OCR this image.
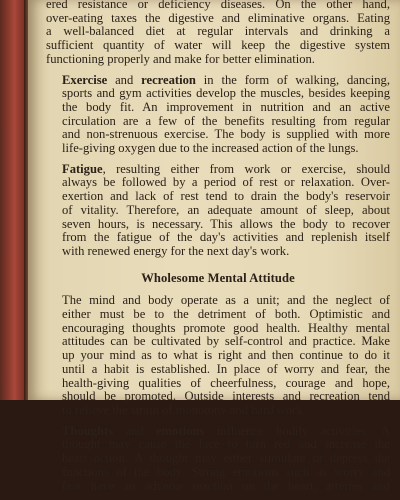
ered resistance or deficiency diseases. On the other hand,
over-eating taxes the digestive and eliminative organs. Eating
a well-balanced diet at regular intervals and drinking a
sufficient quantity of water will keep the digestive system
functioning properly and make for better elimination.
Exercise and recreation in the form of walking, dancing,
sports and gym activities develop the muscles, besides keeping
the body fit. An improvement in nutrition and an active
circulation are a few of the benefits resulting from regular
and non-strenuous exercise. The body is supplied with more
life-giving oxygen due to the increased action of the lungs.
Fatigue, resulting either from work or exercise, should
always be followed by a period of rest or relaxation. Over-
exertion and lack of rest tend to drain the body's reservoir
of vitality. Therefore, an adequate amount of sleep, about
seven hours, is necessary. This allows the body to recover
from the fatigue of the day's activities and replenish itself
with renewed energy for the next day's work.
Wholesome Mental Attitude
The mind and body operate as a unit; and the neglect of
either must be to the detriment of both. Optimistic and
encouraging thoughts promote good health. Healthy mental
attitudes can be cultivated by self-control and practice. Make
up your mind as to what is right and then continue to do it
until a habit is established. In place of worry and fear, the
health-giving qualities of cheerfulness, courage and hope,
should be promoted. Outside interests and recreation tend
to relieve the strain of monotony and hard work.
Thoughts and emotions influence bodily activities. A
thought may cause the face to turn red and increase the
heart action. A thought may either stimulate or depress the
functions of the body. Strong emotions such as worry and
fear have an adverse reaction on the heart, arteries and
